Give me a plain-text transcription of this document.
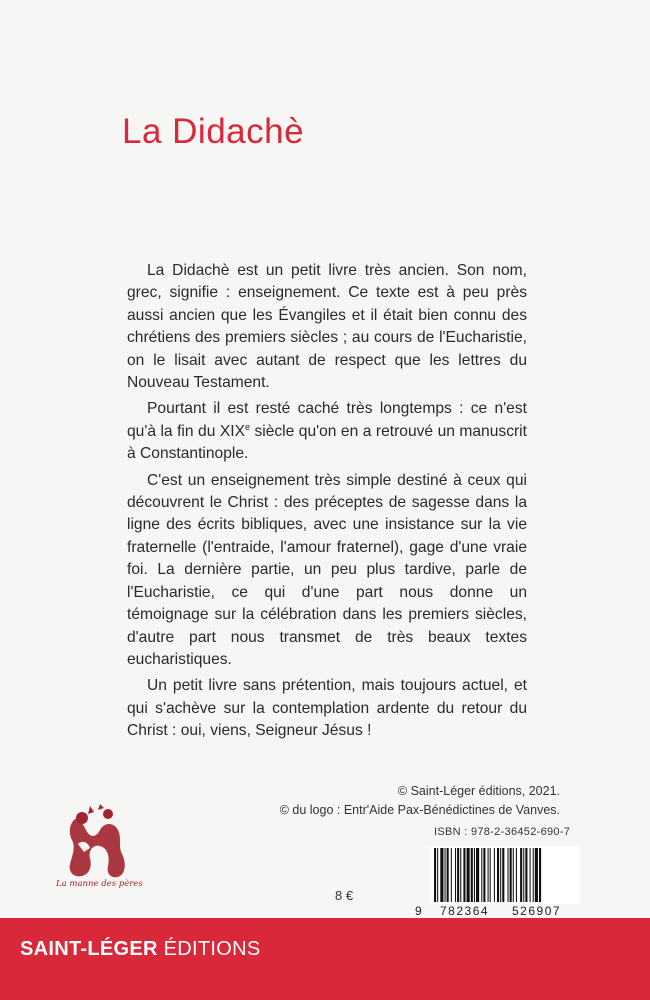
La Didachè

La Didachè est un petit livre très ancien. Son nom, grec, signifie : enseignement. Ce texte est à peu près aussi ancien que les Évangiles et il était bien connu des chrétiens des premiers siècles ; au cours de l'Eucharistie, on le lisait avec autant de respect que les lettres du Nouveau Testament.

Pourtant il est resté caché très longtemps : ce n'est qu'à la fin du XIXe siècle qu'on en a retrouvé un manuscrit à Constantinople.

C'est un enseignement très simple destiné à ceux qui découvrent le Christ : des préceptes de sagesse dans la ligne des écrits bibliques, avec une insistance sur la vie fraternelle (l'entraide, l'amour fraternel), gage d'une vraie foi. La dernière partie, un peu plus tardive, parle de l'Eucharistie, ce qui d'une part nous donne un témoignage sur la célébration dans les premiers siècles, d'autre part nous transmet de très beaux textes eucharistiques.

Un petit livre sans prétention, mais toujours actuel, et qui s'achève sur la contemplation ardente du retour du Christ : oui, viens, Seigneur Jésus !

© Saint-Léger éditions, 2021.
© du logo : Entr'Aide Pax-Bénédictines de Vanves.
La manne des pères
ISBN : 978-2-36452-690-7
9 782364 526907
8 €
SAINT-LÉGER ÉDITIONS
